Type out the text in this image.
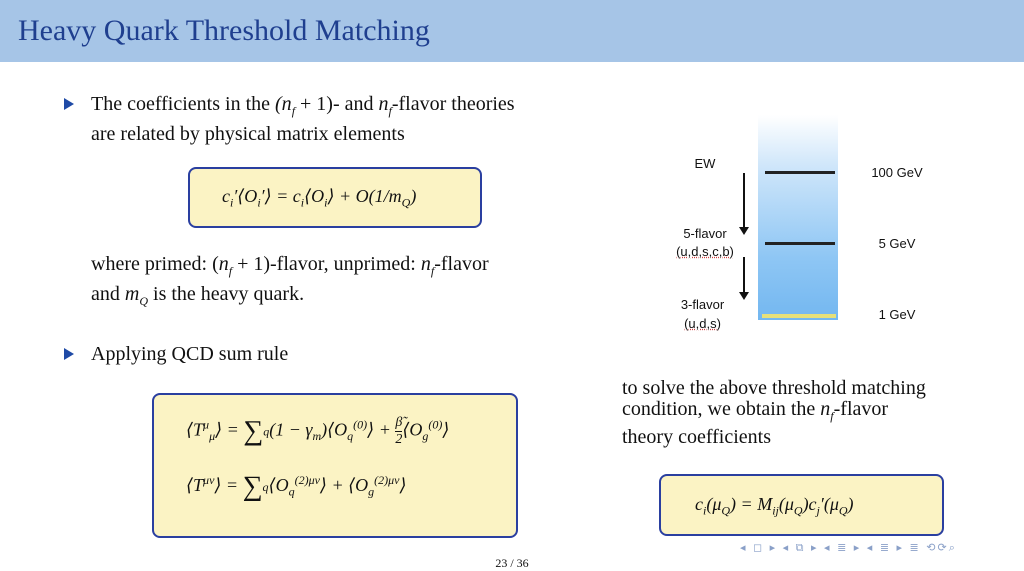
Heavy Quark Threshold Matching
The coefficients in the $(n_f + 1)-$ and $n_f$-flavor theories
are related by physical matrix elements
$c_i'⟨O_i'⟩$ = $c_i⟨O_i⟩ + O(1/m_Q)$
where primed: ($n_f$ + 1)-flavor, unprimed: $n_f$-flavor
and $m_Q$ is the heavy quark.
Applying QCD sum rule
$⟨T^\mu_\mu⟩ = \sum q(1$ − $\gamma_m)⟨O_q^{(0)}⟩ + \frac{\betã}{2}$ $⟨O_g^{(0)}⟩$
$⟨T^{\mu\nu}⟩$ = $\sum q⟨O_q^{(2)\mu\nu}⟩$ + $⟨O_g^{(2)\mu\nu}⟩$
EW
5-flavor
(u,d,s,c,b)
3-flavor
(u,d,s)
100 GeV
5 GeV
1 GeV
to solve the above threshold matching
condition, we obtain the $n_f$-flavor
theory coefficients
$c_i(\mu_Q) = M_{ij}(\mu_Q)c_j'(\mu_Q)$
◂ ◻ ▸ ◂ ⧉ ▸ ◂ ≣ ▸ ◂ ≣ ▸ ≣ ⟲⟳⌕
23 / 36
